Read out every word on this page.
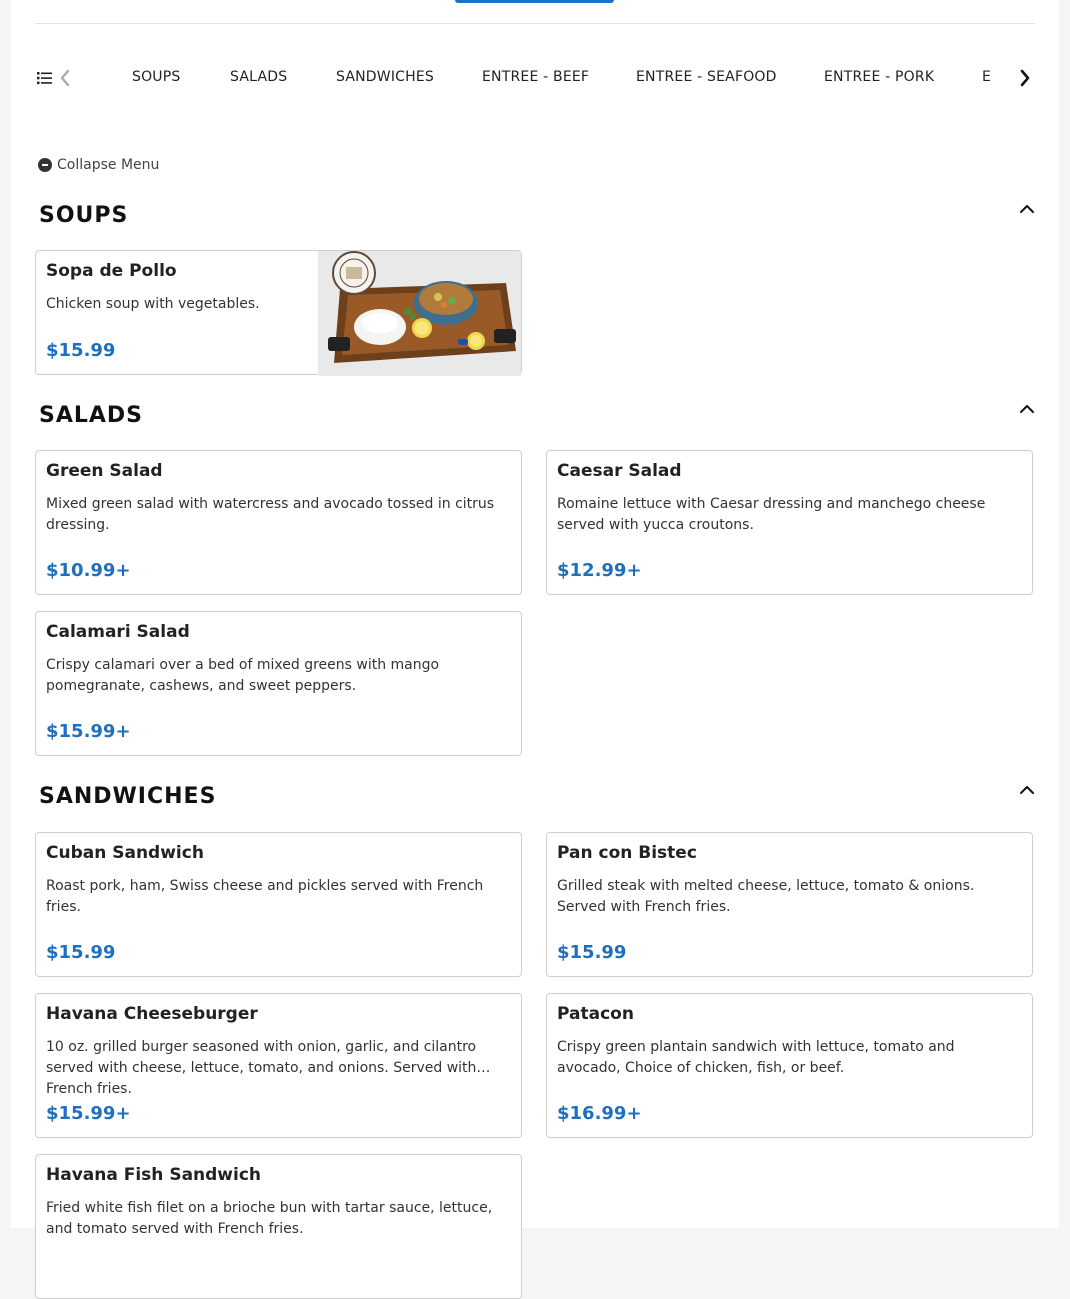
SOUPS	SALADS	SANDWICHES	ENTREE - BEEF	ENTREE - SEAFOOD	ENTREE - PORK	E
Collapse Menu
SOUPS
Sopa de Pollo
Chicken soup with vegetables.
$15.99
SALADS
Green Salad
Mixed green salad with watercress and avocado tossed in citrus dressing.
$10.99+
Caesar Salad
Romaine lettuce with Caesar dressing and manchego cheese served with yucca croutons.
$12.99+
Calamari Salad
Crispy calamari over a bed of mixed greens with mango pomegranate, cashews, and sweet peppers.
$15.99+
SANDWICHES
Cuban Sandwich
Roast pork, ham, Swiss cheese and pickles served with French fries.
$15.99
Pan con Bistec
Grilled steak with melted cheese, lettuce, tomato & onions. Served with French fries.
$15.99
Havana Cheeseburger
10 oz. grilled burger seasoned with onion, garlic, and cilantro served with cheese, lettuce, tomato, and onions. Served with French fries.
$15.99+
Patacon
Crispy green plantain sandwich with lettuce, tomato and avocado, Choice of chicken, fish, or beef.
$16.99+
Havana Fish Sandwich
Fried white fish filet on a brioche bun with tartar sauce, lettuce, and tomato served with French fries.
